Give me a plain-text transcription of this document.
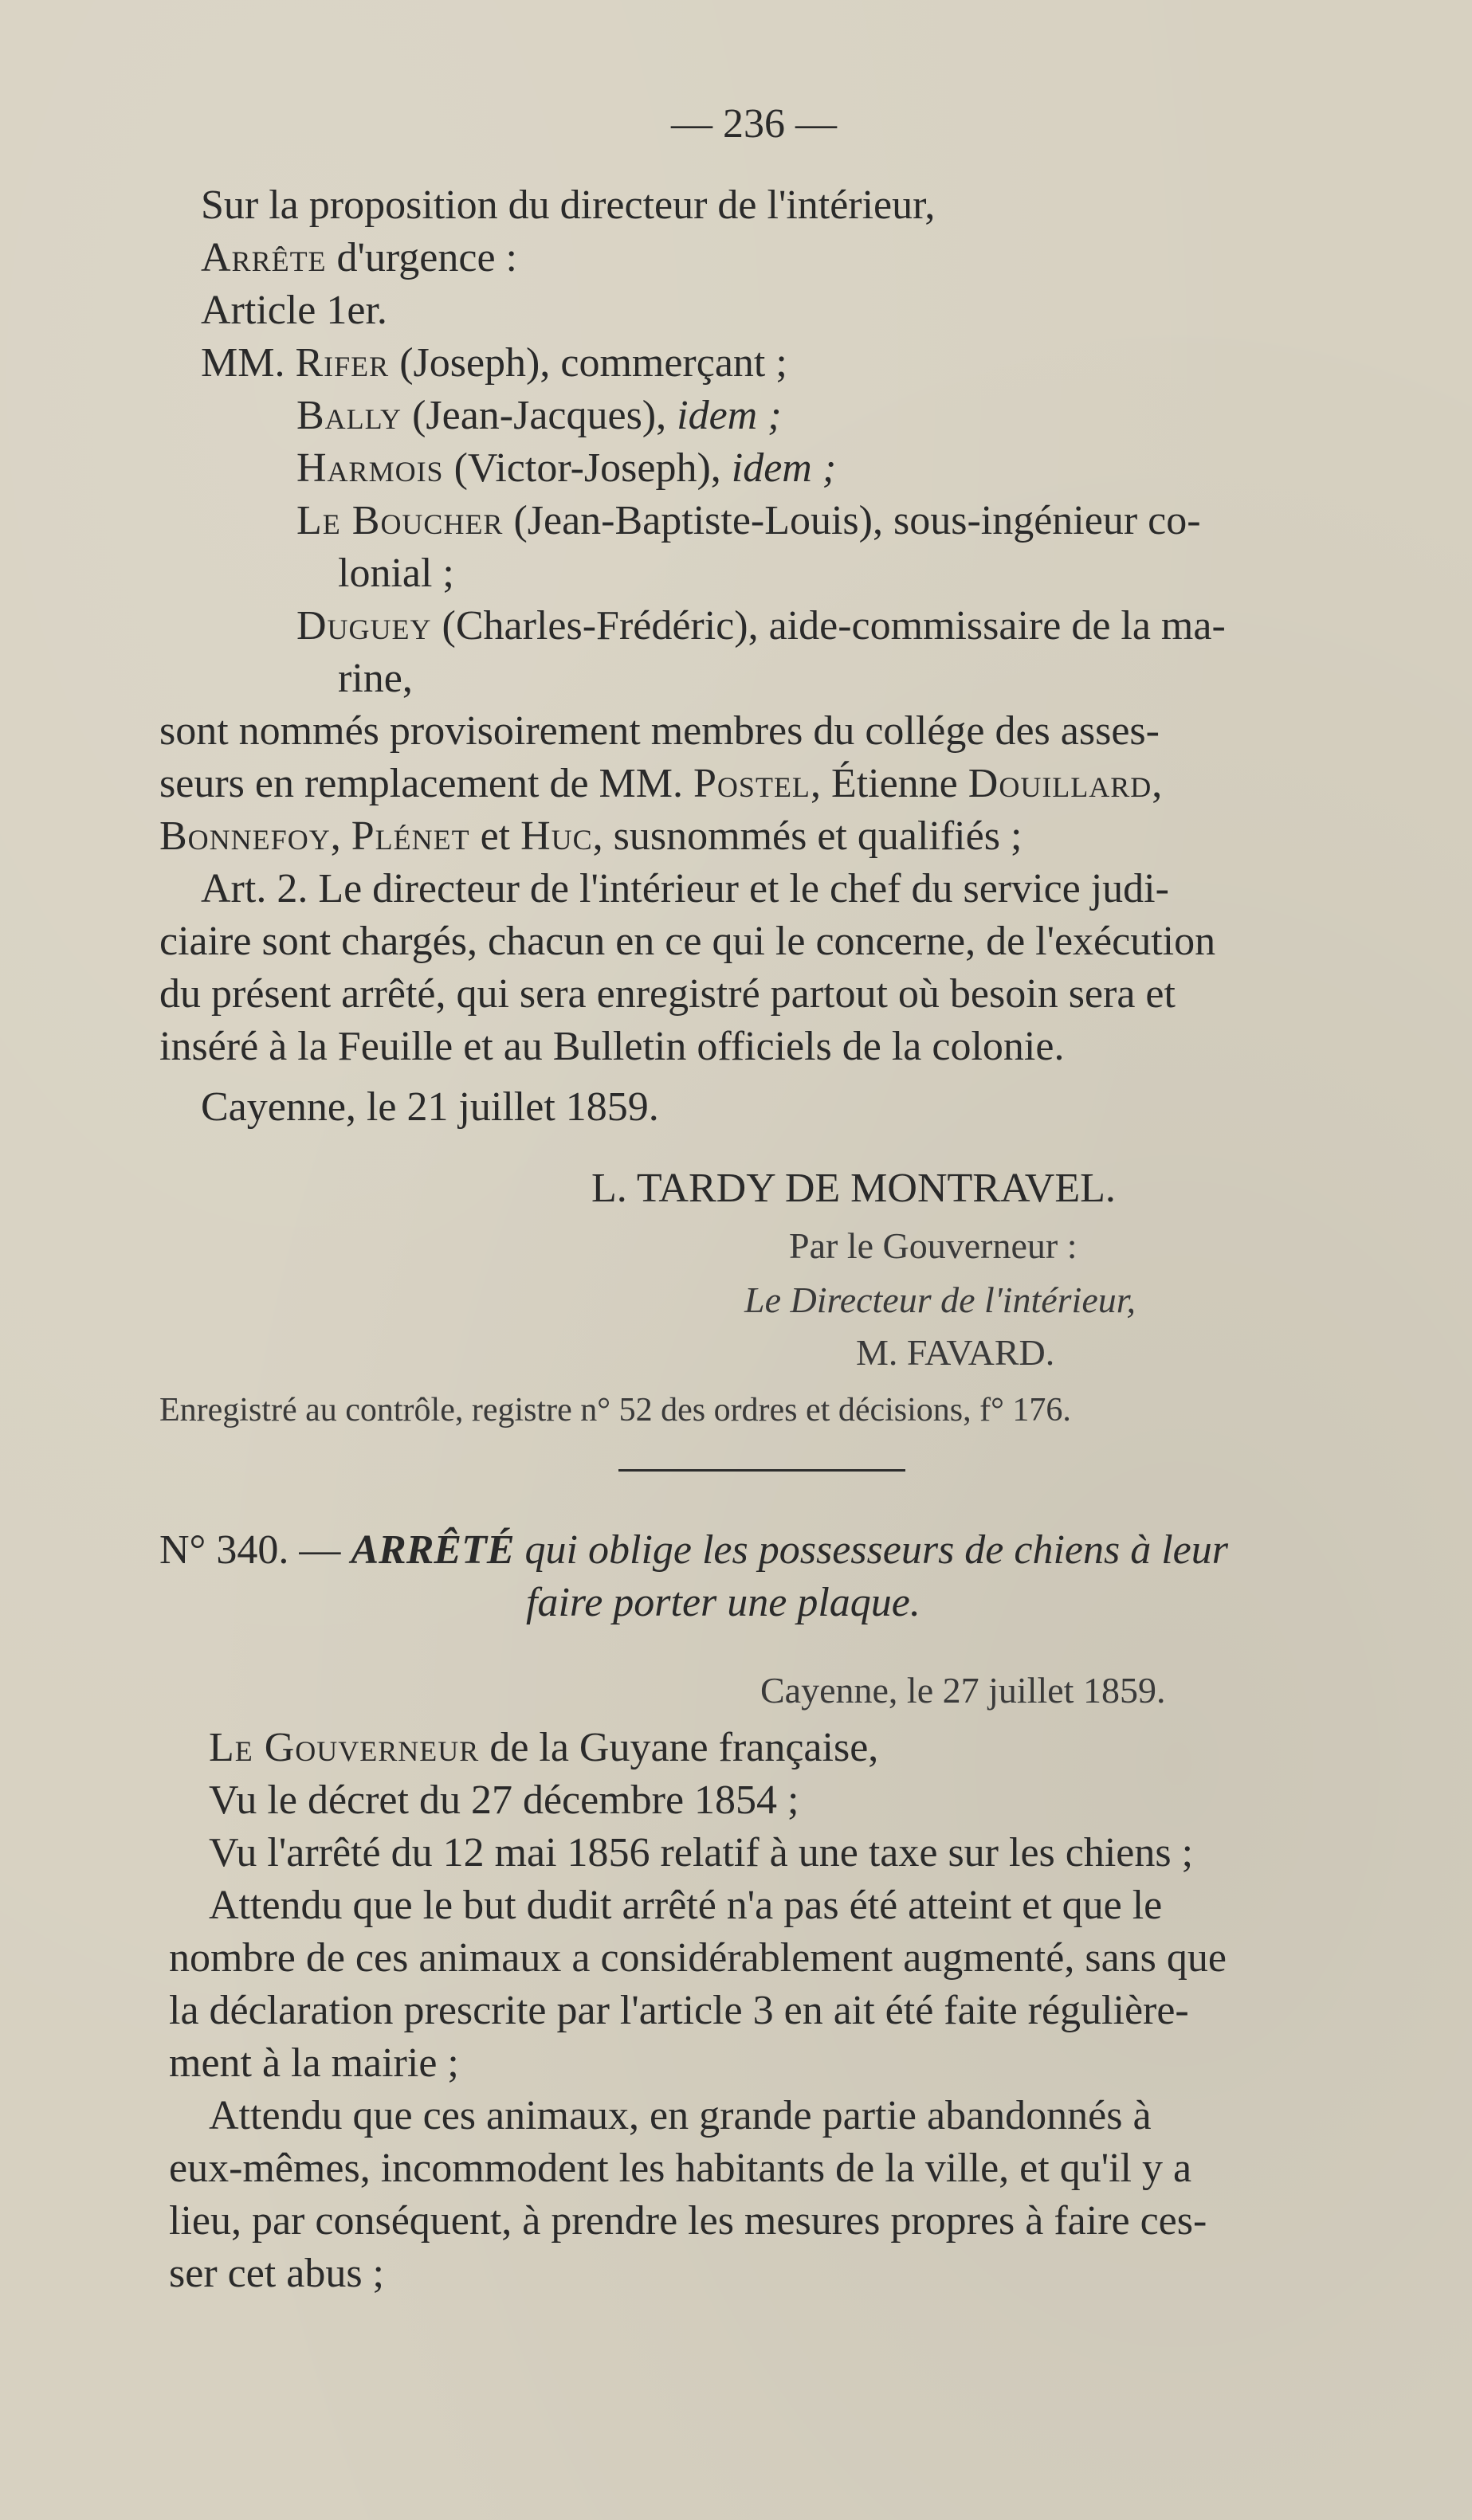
— 236 —
Sur la proposition du directeur de l'intérieur,
Arrête d'urgence :
Article 1er.
MM. Rifer (Joseph), commerçant ;
Bally (Jean-Jacques), idem ;
Harmois (Victor-Joseph), idem ;
Le Boucher (Jean-Baptiste-Louis), sous-ingénieur co-
lonial ;
Duguey (Charles-Frédéric), aide-commissaire de la ma-
rine,
sont nommés provisoirement membres du collége des asses-
seurs en remplacement de MM. Postel, Étienne Douillard,
Bonnefoy, Plénet et Huc, susnommés et qualifiés ;
Art. 2. Le directeur de l'intérieur et le chef du service judi-
ciaire sont chargés, chacun en ce qui le concerne, de l'exécution
du présent arrêté, qui sera enregistré partout où besoin sera et
inséré à la Feuille et au Bulletin officiels de la colonie.
Cayenne, le 21 juillet 1859.
L. TARDY DE MONTRAVEL.
Par le Gouverneur :
Le Directeur de l'intérieur,
M. FAVARD.
Enregistré au contrôle, registre n° 52 des ordres et décisions, f° 176.
N° 340. — ARRÊTÉ qui oblige les possesseurs de chiens à leur
faire porter une plaque.
Cayenne, le 27 juillet 1859.
Le Gouverneur de la Guyane française,
Vu le décret du 27 décembre 1854 ;
Vu l'arrêté du 12 mai 1856 relatif à une taxe sur les chiens ;
Attendu que le but dudit arrêté n'a pas été atteint et que le
nombre de ces animaux a considérablement augmenté, sans que
la déclaration prescrite par l'article 3 en ait été faite régulière-
ment à la mairie ;
Attendu que ces animaux, en grande partie abandonnés à
eux-mêmes, incommodent les habitants de la ville, et qu'il y a
lieu, par conséquent, à prendre les mesures propres à faire ces-
ser cet abus ;
